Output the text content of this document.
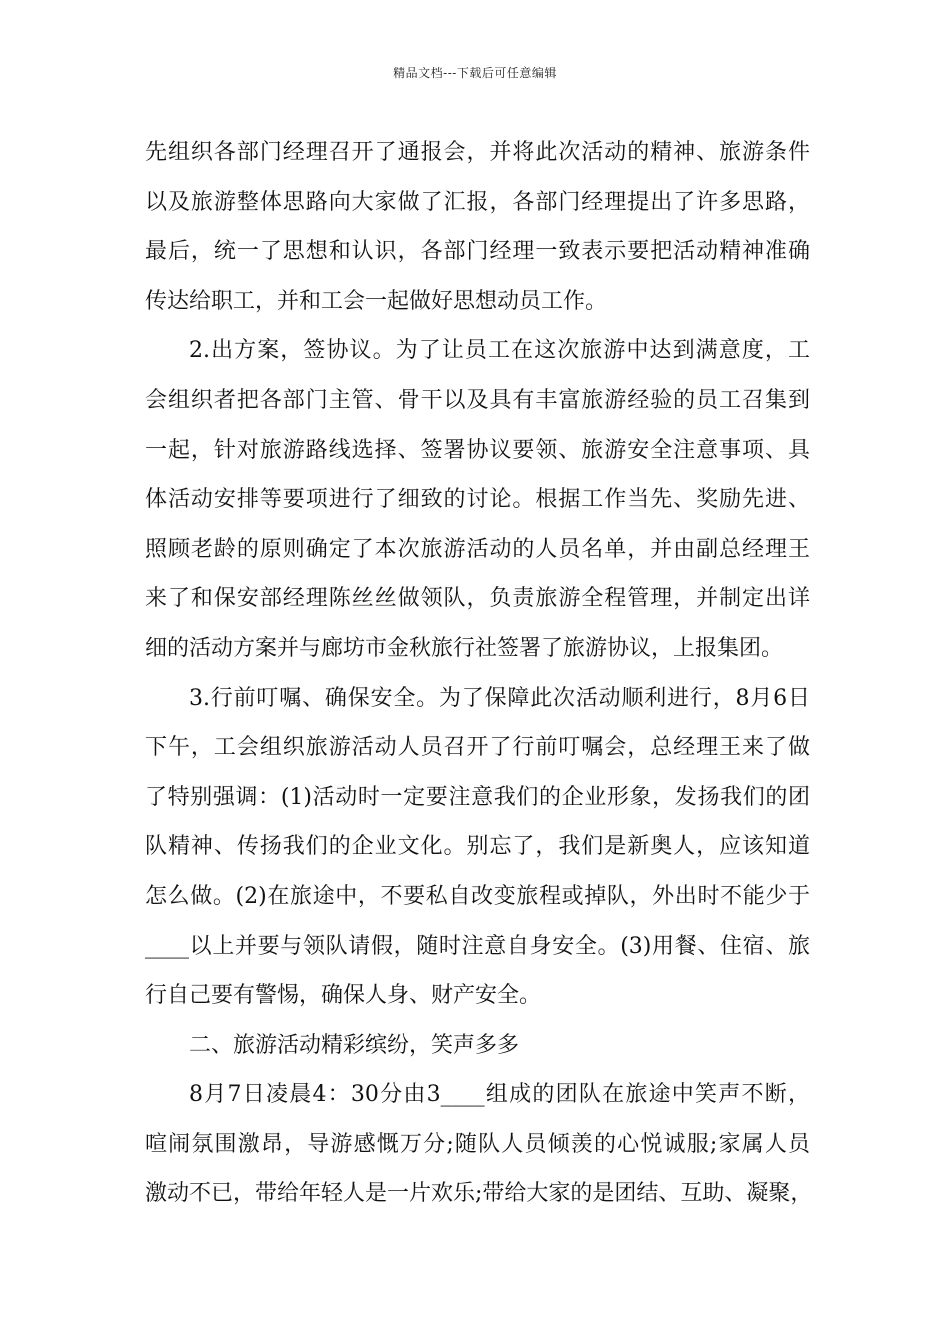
精品文档---下载后可任意编辑
先组织各部门经理召开了通报会，并将此次活动的精神、旅游条件
以及旅游整体思路向大家做了汇报，各部门经理提出了许多思路，
最后，统一了思想和认识，各部门经理一致表示要把活动精神准确
传达给职工，并和工会一起做好思想动员工作。
2.出方案，签协议。为了让员工在这次旅游中达到满意度，工
会组织者把各部门主管、骨干以及具有丰富旅游经验的员工召集到
一起，针对旅游路线选择、签署协议要领、旅游安全注意事项、具
体活动安排等要项进行了细致的讨论。根据工作当先、奖励先进、
照顾老龄的原则确定了本次旅游活动的人员名单，并由副总经理王
来了和保安部经理陈丝丝做领队，负责旅游全程管理，并制定出详
细的活动方案并与廊坊市金秋旅行社签署了旅游协议，上报集团。
3.行前叮嘱、确保安全。为了保障此次活动顺利进行，8月6日
下午，工会组织旅游活动人员召开了行前叮嘱会，总经理王来了做
了特别强调：(1)活动时一定要注意我们的企业形象，发扬我们的团
队精神、传扬我们的企业文化。别忘了，我们是新奥人，应该知道
怎么做。(2)在旅途中，不要私自改变旅程或掉队，外出时不能少于
____以上并要与领队请假，随时注意自身安全。(3)用餐、住宿、旅
行自己要有警惕，确保人身、财产安全。
二、旅游活动精彩缤纷，笑声多多
8月7日凌晨4：30分由3____组成的团队在旅途中笑声不断，
喧闹氛围激昂，导游感慨万分;随队人员倾羡的心悦诚服;家属人员
激动不已，带给年轻人是一片欢乐;带给大家的是团结、互助、凝聚，
